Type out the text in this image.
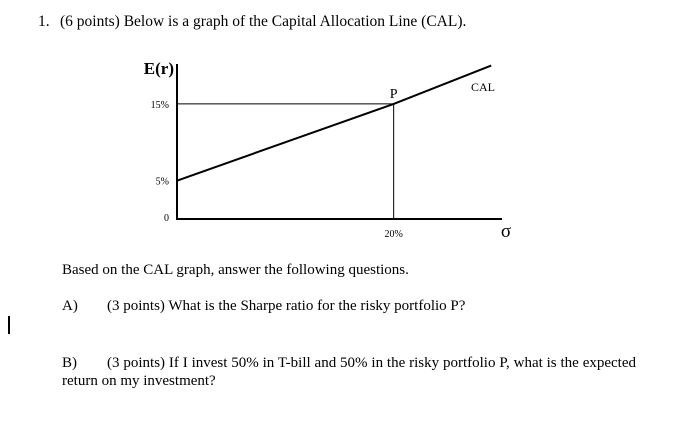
1. (6 points) Below is a graph of the Capital Allocation Line (CAL).
E(r)
σ
0
5%
15%
20%
P	CAL
Based on the CAL graph, answer the following questions.
A) (3 points) What is the Sharpe ratio for the risky portfolio P?
B) (3 points) If I invest 50% in T-bill and 50% in the risky portfolio P, what is the expected return on my investment?
